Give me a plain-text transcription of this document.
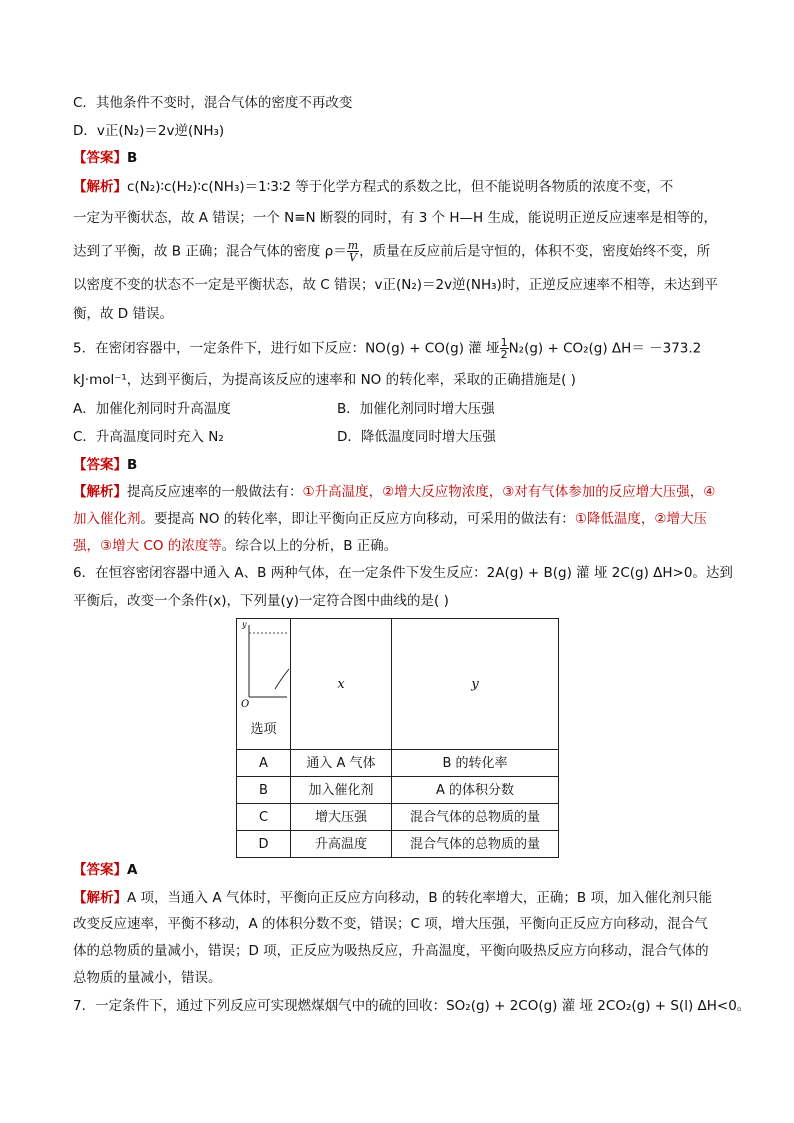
C．其他条件不变时，混合气体的密度不再改变
D．v正(N₂)＝2v逆(NH₃)
【答案】B
【解析】c(N₂)∶c(H₂)∶c(NH₃)＝1∶3∶2 等于化学方程式的系数之比，但不能说明各物质的浓度不变，不
一定为平衡状态，故 A 错误；一个 N≡N 断裂的同时，有 3 个 H—H 生成，能说明正逆反应速率是相等的，
达到了平衡，故 B 正确；混合气体的密度 $\rho= \frac{m}{V}$ ，质量在反应前后是守恒的，体积不变，密度始终不变，所
以密度不变的状态不一定是平衡状态，故 C 错误；v正(N₂)＝2v逆(NH₃)时，正逆反应速率不相等，未达到平
衡，故 D 错误。
5．在密闭容器中，一定条件下，进行如下反应：NO(g) + CO(g) 灌 垭 $\frac{1}{2} N_2(g) + CO_2(g)$ ΔH＝ －373.2
kJ·mol⁻¹，达到平衡后，为提高该反应的速率和 NO 的转化率，采取的正确措施是( )
A．加催化剂同时升高温度	B．加催化剂同时增大压强
C．升高温度同时充入 N₂	D．降低温度同时增大压强
【答案】B
【解析】提高反应速率的一般做法有：①升高温度，②增大反应物浓度，③对有气体参加的反应增大压强，④
加入催化剂。要提高 NO 的转化率，即让平衡向正反应方向移动，可采用的做法有：①降低温度，②增大压
强，③增大 CO 的浓度等。综合以上的分析，B 正确。
6．在恒容密闭容器中通入 A、B 两种气体，在一定条件下发生反应：2A(g) + B(g) 灌 垭 2C(g) ΔH>0。达到
平衡后，改变一个条件(x)，下列量(y)一定符合图中曲线的是( )
y
O
选项	x	y
A	通入 A 气体	B 的转化率
B	加入催化剂	A 的体积分数
C	增大压强	混合气体的总物质的量
D	升高温度	混合气体的总物质的量
【答案】A
【解析】A 项，当通入 A 气体时，平衡向正反应方向移动，B 的转化率增大，正确；B 项，加入催化剂只能
改变反应速率，平衡不移动，A 的体积分数不变，错误；C 项，增大压强，平衡向正反应方向移动，混合气
体的总物质的量减小，错误；D 项，正反应为吸热反应，升高温度，平衡向吸热反应方向移动，混合气体的
总物质的量减小，错误。
7．一定条件下，通过下列反应可实现燃煤烟气中的硫的回收：SO₂(g) + 2CO(g) 灌 垭 2CO₂(g) + S(l) ΔH<0。
